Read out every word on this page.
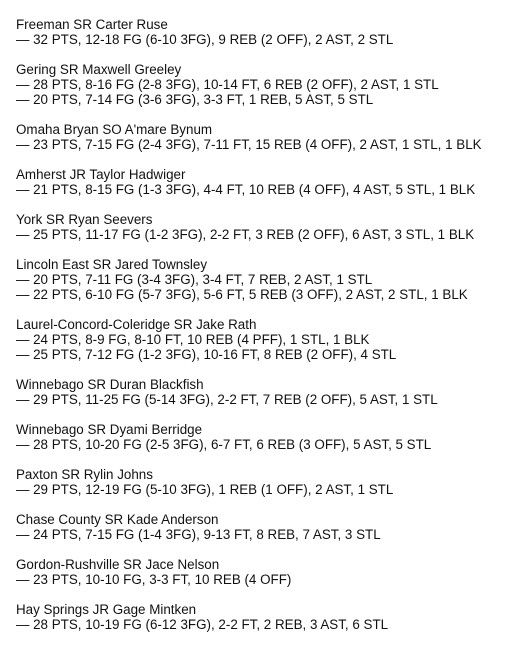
Freeman SR Carter Ruse
— 32 PTS, 12-18 FG (6-10 3FG), 9 REB (2 OFF), 2 AST, 2 STL
Gering SR Maxwell Greeley
— 28 PTS, 8-16 FG (2-8 3FG), 10-14 FT, 6 REB (2 OFF), 2 AST, 1 STL
— 20 PTS, 7-14 FG (3-6 3FG), 3-3 FT, 1 REB, 5 AST, 5 STL
Omaha Bryan SO A'mare Bynum
— 23 PTS, 7-15 FG (2-4 3FG), 7-11 FT, 15 REB (4 OFF), 2 AST, 1 STL, 1 BLK
Amherst JR Taylor Hadwiger
— 21 PTS, 8-15 FG (1-3 3FG), 4-4 FT, 10 REB (4 OFF), 4 AST, 5 STL, 1 BLK
York SR Ryan Seevers
— 25 PTS, 11-17 FG (1-2 3FG), 2-2 FT, 3 REB (2 OFF), 6 AST, 3 STL, 1 BLK
Lincoln East SR Jared Townsley
— 20 PTS, 7-11 FG (3-4 3FG), 3-4 FT, 7 REB, 2 AST, 1 STL
— 22 PTS, 6-10 FG (5-7 3FG), 5-6 FT, 5 REB (3 OFF), 2 AST, 2 STL, 1 BLK
Laurel-Concord-Coleridge SR Jake Rath
— 24 PTS, 8-9 FG, 8-10 FT, 10 REB (4 PFF), 1 STL, 1 BLK
— 25 PTS, 7-12 FG (1-2 3FG), 10-16 FT, 8 REB (2 OFF), 4 STL
Winnebago SR Duran Blackfish
— 29 PTS, 11-25 FG (5-14 3FG), 2-2 FT, 7 REB (2 OFF), 5 AST, 1 STL
Winnebago SR Dyami Berridge
— 28 PTS, 10-20 FG (2-5 3FG), 6-7 FT, 6 REB (3 OFF), 5 AST, 5 STL
Paxton SR Rylin Johns
— 29 PTS, 12-19 FG (5-10 3FG), 1 REB (1 OFF), 2 AST, 1 STL
Chase County SR Kade Anderson
— 24 PTS, 7-15 FG (1-4 3FG), 9-13 FT, 8 REB, 7 AST, 3 STL
Gordon-Rushville SR Jace Nelson
— 23 PTS, 10-10 FG, 3-3 FT, 10 REB (4 OFF)
Hay Springs JR Gage Mintken
— 28 PTS, 10-19 FG (6-12 3FG), 2-2 FT, 2 REB, 3 AST, 6 STL
